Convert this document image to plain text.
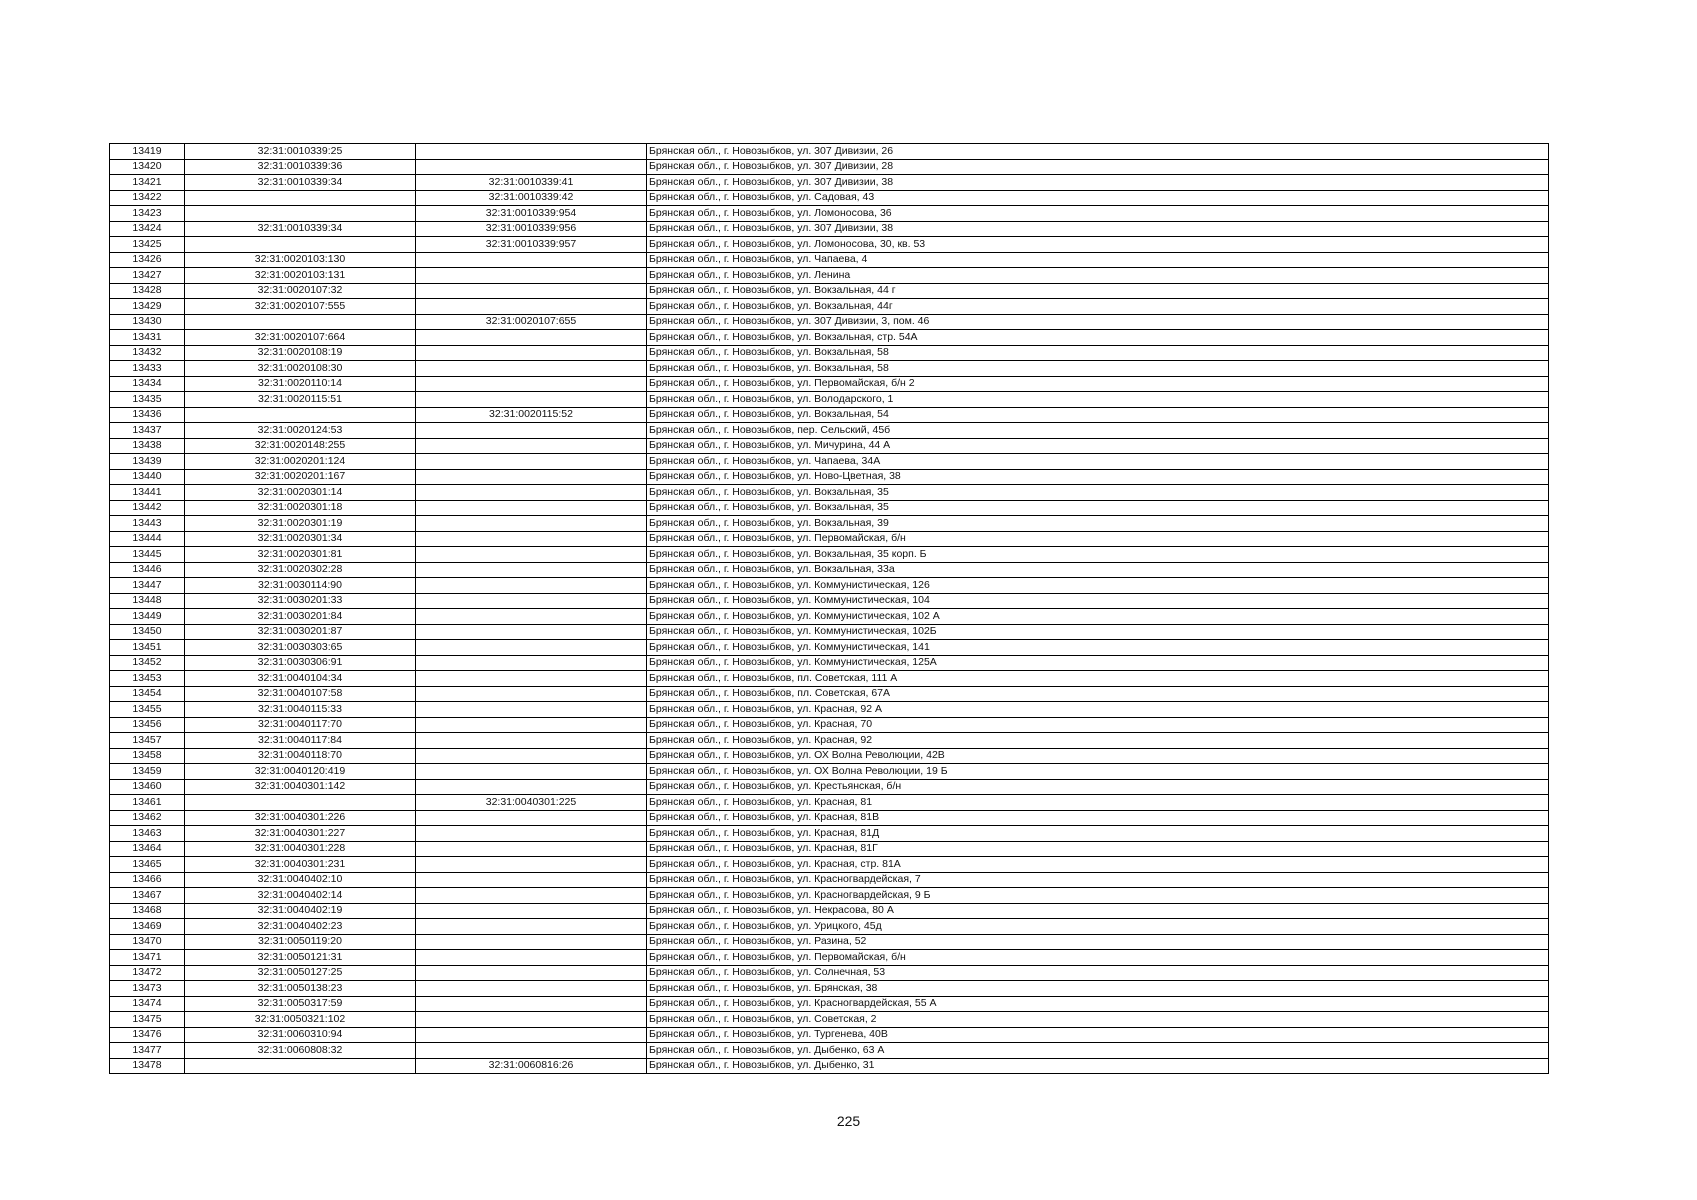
13419	32:31:0010339:25		Брянская обл., г. Новозыбков, ул. 307 Дивизии, 26
13420	32:31:0010339:36		Брянская обл., г. Новозыбков, ул. 307 Дивизии, 28
13421	32:31:0010339:34	32:31:0010339:41	Брянская обл., г. Новозыбков, ул. 307 Дивизии, 38
13422		32:31:0010339:42	Брянская обл., г. Новозыбков, ул. Садовая, 43
13423		32:31:0010339:954	Брянская обл., г. Новозыбков, ул. Ломоносова, 36
13424	32:31:0010339:34	32:31:0010339:956	Брянская обл., г. Новозыбков, ул. 307 Дивизии, 38
13425		32:31:0010339:957	Брянская обл., г. Новозыбков, ул. Ломоносова, 30, кв. 53
13426	32:31:0020103:130		Брянская обл., г. Новозыбков, ул. Чапаева, 4
13427	32:31:0020103:131		Брянская обл., г. Новозыбков, ул. Ленина
13428	32:31:0020107:32		Брянская обл., г. Новозыбков, ул. Вокзальная, 44 г
13429	32:31:0020107:555		Брянская обл., г. Новозыбков, ул. Вокзальная, 44г
13430		32:31:0020107:655	Брянская обл., г. Новозыбков, ул. 307 Дивизии, 3, пом. 46
13431	32:31:0020107:664		Брянская обл., г. Новозыбков, ул. Вокзальная, стр. 54А
13432	32:31:0020108:19		Брянская обл., г. Новозыбков, ул. Вокзальная, 58
13433	32:31:0020108:30		Брянская обл., г. Новозыбков, ул. Вокзальная, 58
13434	32:31:0020110:14		Брянская обл., г. Новозыбков, ул. Первомайская, б/н 2
13435	32:31:0020115:51		Брянская обл., г. Новозыбков, ул. Володарского, 1
13436		32:31:0020115:52	Брянская обл., г. Новозыбков, ул. Вокзальная, 54
13437	32:31:0020124:53		Брянская обл., г. Новозыбков, пер. Сельский, 45б
13438	32:31:0020148:255		Брянская обл., г. Новозыбков, ул. Мичурина, 44 А
13439	32:31:0020201:124		Брянская обл., г. Новозыбков, ул. Чапаева, 34А
13440	32:31:0020201:167		Брянская обл., г. Новозыбков, ул. Ново-Цветная, 38
13441	32:31:0020301:14		Брянская обл., г. Новозыбков, ул. Вокзальная, 35
13442	32:31:0020301:18		Брянская обл., г. Новозыбков, ул. Вокзальная, 35
13443	32:31:0020301:19		Брянская обл., г. Новозыбков, ул. Вокзальная, 39
13444	32:31:0020301:34		Брянская обл., г. Новозыбков, ул. Первомайская, б/н
13445	32:31:0020301:81		Брянская обл., г. Новозыбков, ул. Вокзальная, 35 корп. Б
13446	32:31:0020302:28		Брянская обл., г. Новозыбков, ул. Вокзальная, 33а
13447	32:31:0030114:90		Брянская обл., г. Новозыбков, ул. Коммунистическая, 126
13448	32:31:0030201:33		Брянская обл., г. Новозыбков, ул. Коммунистическая, 104
13449	32:31:0030201:84		Брянская обл., г. Новозыбков, ул. Коммунистическая, 102 А
13450	32:31:0030201:87		Брянская обл., г. Новозыбков, ул. Коммунистическая, 102Б
13451	32:31:0030303:65		Брянская обл., г. Новозыбков, ул. Коммунистическая, 141
13452	32:31:0030306:91		Брянская обл., г. Новозыбков, ул. Коммунистическая, 125А
13453	32:31:0040104:34		Брянская обл., г. Новозыбков, пл. Советская, 111 А
13454	32:31:0040107:58		Брянская обл., г. Новозыбков, пл. Советская, 67А
13455	32:31:0040115:33		Брянская обл., г. Новозыбков, ул. Красная, 92 А
13456	32:31:0040117:70		Брянская обл., г. Новозыбков, ул. Красная, 70
13457	32:31:0040117:84		Брянская обл., г. Новозыбков, ул. Красная, 92
13458	32:31:0040118:70		Брянская обл., г. Новозыбков, ул. ОХ Волна Революции, 42В
13459	32:31:0040120:419		Брянская обл., г. Новозыбков, ул. ОХ Волна Революции, 19 Б
13460	32:31:0040301:142		Брянская обл., г. Новозыбков, ул. Крестьянская, б/н
13461		32:31:0040301:225	Брянская обл., г. Новозыбков, ул. Красная, 81
13462	32:31:0040301:226		Брянская обл., г. Новозыбков, ул. Красная, 81В
13463	32:31:0040301:227		Брянская обл., г. Новозыбков, ул. Красная, 81Д
13464	32:31:0040301:228		Брянская обл., г. Новозыбков, ул. Красная, 81Г
13465	32:31:0040301:231		Брянская обл., г. Новозыбков, ул. Красная, стр. 81А
13466	32:31:0040402:10		Брянская обл., г. Новозыбков, ул. Красногвардейская, 7
13467	32:31:0040402:14		Брянская обл., г. Новозыбков, ул. Красногвардейская, 9 Б
13468	32:31:0040402:19		Брянская обл., г. Новозыбков, ул. Некрасова, 80 А
13469	32:31:0040402:23		Брянская обл., г. Новозыбков, ул. Урицкого, 45д
13470	32:31:0050119:20		Брянская обл., г. Новозыбков, ул. Разина, 52
13471	32:31:0050121:31		Брянская обл., г. Новозыбков, ул. Первомайская, б/н
13472	32:31:0050127:25		Брянская обл., г. Новозыбков, ул. Солнечная, 53
13473	32:31:0050138:23		Брянская обл., г. Новозыбков, ул. Брянская, 38
13474	32:31:0050317:59		Брянская обл., г. Новозыбков, ул. Красногвардейская, 55 А
13475	32:31:0050321:102		Брянская обл., г. Новозыбков, ул. Советская, 2
13476	32:31:0060310:94		Брянская обл., г. Новозыбков, ул. Тургенева, 40В
13477	32:31:0060808:32		Брянская обл., г. Новозыбков, ул. Дыбенко, 63 А
13478		32:31:0060816:26	Брянская обл., г. Новозыбков, ул. Дыбенко, 31
225
